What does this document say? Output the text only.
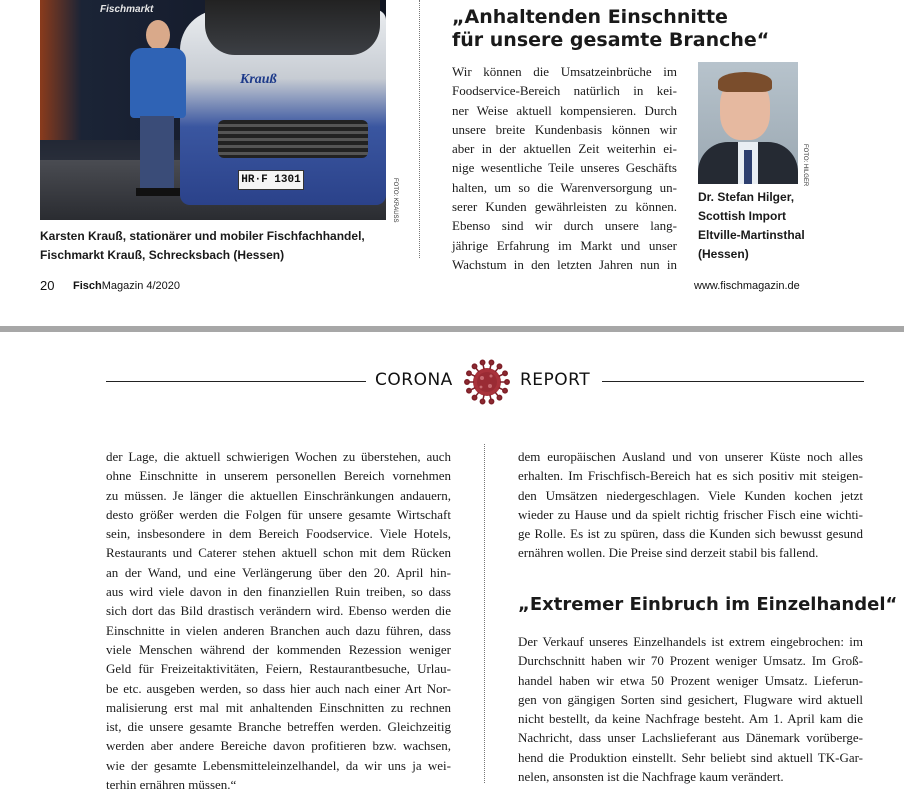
Krauß
HR·F 1301
Fischmarkt
FOTO: KRAUSS
Karsten Krauß, stationärer und mobiler Fischfachhandel,
Fischmarkt Krauß, Schrecksbach (Hessen)
„Anhaltenden Einschnitte
für unsere gesamte Branche“
Wir können die Umsatzeinbrüche im
Foodservice-Bereich natürlich in kei-
ner Weise aktuell kompensieren. Durch
unsere breite Kundenbasis können wir
aber in der aktuellen Zeit weiterhin ei-
nige wesentliche Teile unseres Geschäfts
halten, um so die Warenversorgung un-
serer Kunden gewährleisten zu können.
Ebenso sind wir durch unsere lang-
jährige Erfahrung im Markt und unser
Wachstum in den letzten Jahren nun in
FOTO: HILGER
Dr. Stefan Hilger,
Scottish Import
Eltville-Martinsthal
(Hessen)
20 FischMagazin 4/2020	www.fischmagazin.de
CORONA	REPORT
der Lage, die aktuell schwierigen Wochen zu überstehen, auch
ohne Einschnitte in unserem personellen Bereich vornehmen
zu müssen. Je länger die aktuellen Einschränkungen andauern,
desto größer werden die Folgen für unsere gesamte Wirtschaft
sein, insbesondere in dem Bereich Foodservice. Viele Hotels,
Restaurants und Caterer stehen aktuell schon mit dem Rücken
an der Wand, und eine Verlängerung über den 20. April hin-
aus wird viele davon in den finanziellen Ruin treiben, so dass
sich dort das Bild drastisch verändern wird. Ebenso werden die
Einschnitte in vielen anderen Branchen auch dazu führen, dass
viele Menschen während der kommenden Rezession weniger
Geld für Freizeitaktivitäten, Feiern, Restaurantbesuche, Urlau-
be etc. ausgeben werden, so dass hier auch nach einer Art Nor-
malisierung erst mal mit anhaltenden Einschnitten zu rechnen
ist, die unsere gesamte Branche betreffen werden. Gleichzeitig
werden aber andere Bereiche davon profitieren bzw. wachsen,
wie der gesamte Lebensmitteleinzelhandel, da wir uns ja wei-
terhin ernähren müssen.“
dem europäischen Ausland und von unserer Küste noch alles
erhalten. Im Frischfisch-Bereich hat es sich positiv mit steigen-
den Umsätzen niedergeschlagen. Viele Kunden kochen jetzt
wieder zu Hause und da spielt richtig frischer Fisch eine wichti-
ge Rolle. Es ist zu spüren, dass die Kunden sich bewusst gesund
ernähren wollen. Die Preise sind derzeit stabil bis fallend.
„Extremer Einbruch im Einzelhandel“
Der Verkauf unseres Einzelhandels ist extrem eingebrochen: im
Durchschnitt haben wir 70 Prozent weniger Umsatz. Im Groß-
handel haben wir etwa 50 Prozent weniger Umsatz. Lieferun-
gen von gängigen Sorten sind gesichert, Flugware wird aktuell
nicht bestellt, da keine Nachfrage besteht. Am 1. April kam die
Nachricht, dass unser Lachslieferant aus Dänemark vorüberge-
hend die Produktion einstellt. Sehr beliebt sind aktuell TK-Gar-
nelen, ansonsten ist die Nachfrage kaum verändert.
